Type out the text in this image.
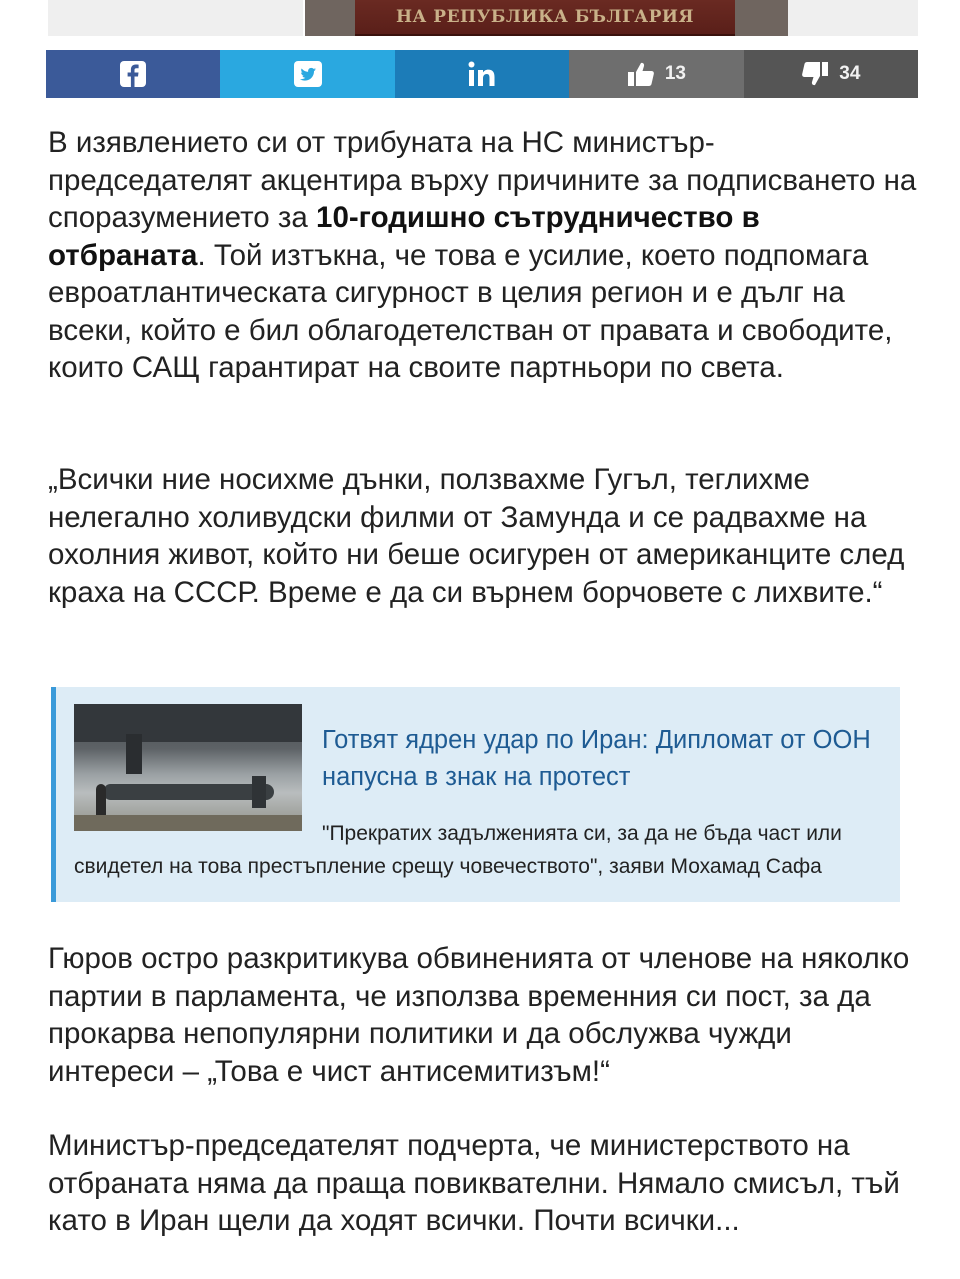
НА РЕПУБЛИКА БЪЛГАРИЯ
13	34

В изявлението си от трибуната на НС министър-председателят акцентира върху причините за подписването на споразумението за 10-годишно сътрудничество в отбраната. Той изтъкна, че това е усилие, което подпомага евроатлантическата сигурност в целия регион и е дълг на всеки, който е бил облагодетелстван от правата и свободите, които САЩ гарантират на своите партньори по света.

„Всички ние носихме дънки, ползвахме Гугъл, теглихме нелегално холивудски филми от Замунда и се радвахме на охолния живот, който ни беше осигурен от американците след краха на СССР. Време е да си върнем борчовете с лихвите.“

Готвят ядрен удар по Иран: Дипломат от ООН напусна в знак на протест
"Прекратих задълженията си, за да не бъда част или свидетел на това престъпление срещу човечеството", заяви Мохамад Сафа

Гюров остро разкритикува обвиненията от членове на няколко партии в парламента, че използва временния си пост, за да прокарва непопулярни политики и да обслужва чужди интереси – „Това е чист антисемитизъм!“

Министър-председателят подчерта, че министерството на отбраната няма да праща повиквателни. Нямало смисъл, тъй като в Иран щели да ходят всички. Почти всички...
